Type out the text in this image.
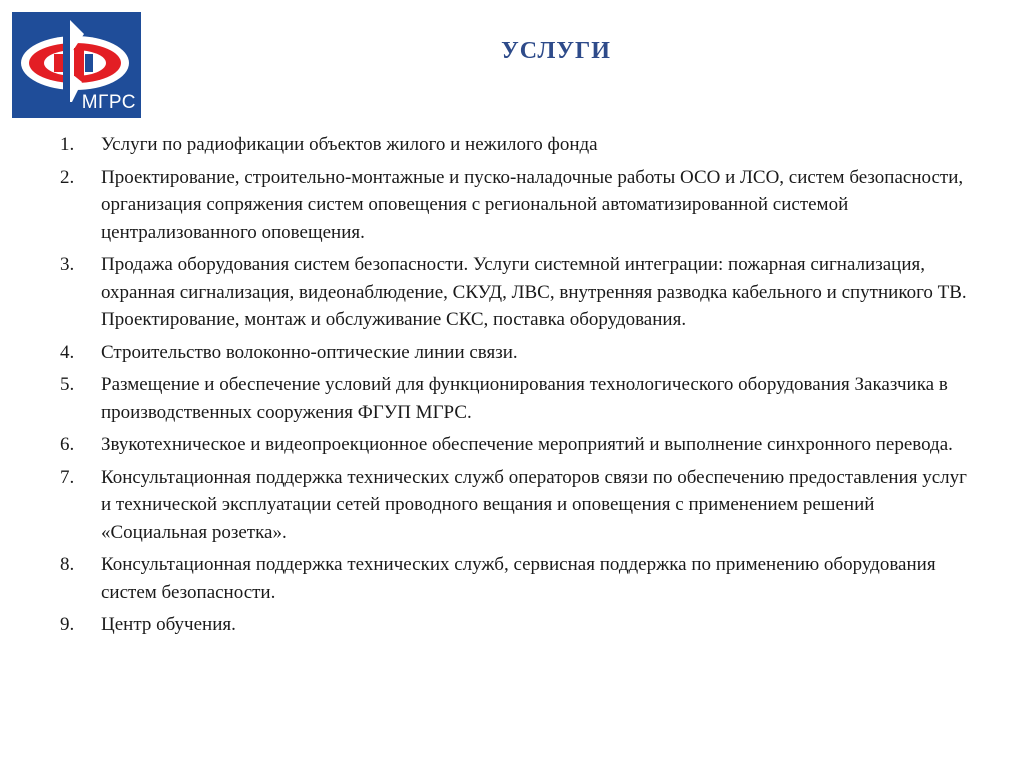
МГРС
УСЛУГИ
1.	Услуги по радиофикации объектов жилого и нежилого фонда
2.	Проектирование, строительно-монтажные и пуско-наладочные работы ОСО и ЛСО, систем безопасности, организация сопряжения систем оповещения с региональной автоматизированной системой централизованного оповещения.
3.	Продажа оборудования систем безопасности. Услуги системной интеграции: пожарная сигнализация, охранная сигнализация, видеонаблюдение, СКУД, ЛВС, внутренняя разводка кабельного и спутникого ТВ. Проектирование, монтаж и обслуживание СКС, поставка оборудования.
4.	Строительство волоконно-оптические линии связи.
5.	Размещение и обеспечение условий для функционирования технологического оборудования Заказчика в производственных сооружения ФГУП МГРС.
6.	Звукотехническое и видеопроекционное обеспечение мероприятий и выполнение синхронного перевода.
7.	Консультационная поддержка технических служб операторов связи по обеспечению предоставления услуг и технической эксплуатации сетей проводного вещания и оповещения с применением решений «Социальная розетка».
8.	Консультационная поддержка технических служб, сервисная поддержка по применению оборудования систем безопасности.
9.	Центр обучения.
